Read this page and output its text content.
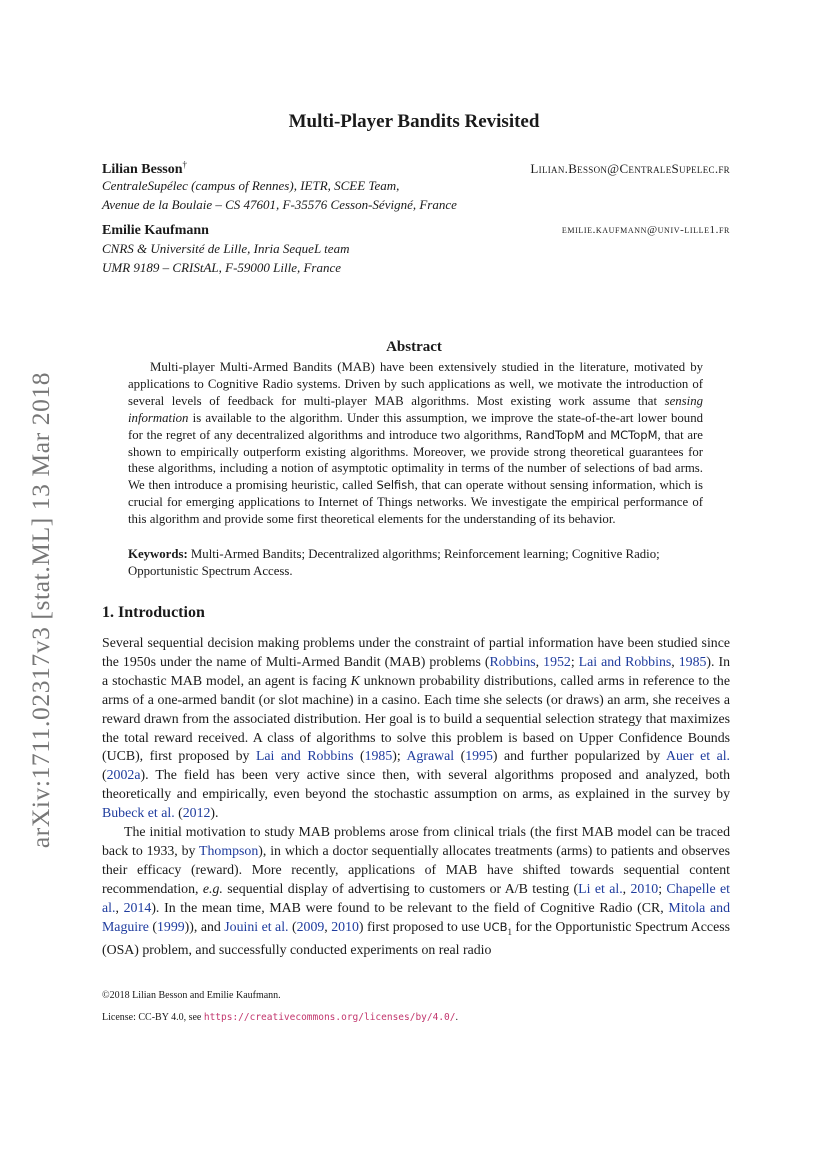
arXiv:1711.02317v3 [stat.ML] 13 Mar 2018
Multi-Player Bandits Revisited
Lilian Besson†	Lilian.Besson@CentraleSupelec.fr
CentraleSupélec (campus of Rennes), IETR, SCEE Team,
Avenue de la Boulaie – CS 47601, F-35576 Cesson-Sévigné, France
Emilie Kaufmann	emilie.kaufmann@univ-lille1.fr
CNRS & Université de Lille, Inria SequeL team
UMR 9189 – CRIStAL, F-59000 Lille, France
Abstract
Multi-player Multi-Armed Bandits (MAB) have been extensively studied in the literature, motivated by applications to Cognitive Radio systems. Driven by such applications as well, we motivate the introduction of several levels of feedback for multi-player MAB algorithms. Most existing work assume that sensing information is available to the algorithm. Under this assumption, we improve the state-of-the-art lower bound for the regret of any decentralized algorithms and introduce two algorithms, RandTopM and MCTopM, that are shown to empirically outperform existing algorithms. Moreover, we provide strong theoretical guarantees for these algorithms, including a notion of asymptotic optimality in terms of the number of selections of bad arms. We then introduce a promising heuristic, called Selfish, that can operate without sensing information, which is crucial for emerging applications to Internet of Things networks. We investigate the empirical performance of this algorithm and provide some first theoretical elements for the understanding of its behavior.
Keywords: Multi-Armed Bandits; Decentralized algorithms; Reinforcement learning; Cognitive Radio; Opportunistic Spectrum Access.
1. Introduction

Several sequential decision making problems under the constraint of partial information have been studied since the 1950s under the name of Multi-Armed Bandit (MAB) problems (Robbins, 1952; Lai and Robbins, 1985). In a stochastic MAB model, an agent is facing K unknown probability distributions, called arms in reference to the arms of a one-armed bandit (or slot machine) in a casino. Each time she selects (or draws) an arm, she receives a reward drawn from the associated distribution. Her goal is to build a sequential selection strategy that maximizes the total reward received. A class of algorithms to solve this problem is based on Upper Confidence Bounds (UCB), first proposed by Lai and Robbins (1985); Agrawal (1995) and further popularized by Auer et al. (2002a). The field has been very active since then, with several algorithms proposed and analyzed, both theoretically and empirically, even beyond the stochastic assumption on arms, as explained in the survey by Bubeck et al. (2012).

The initial motivation to study MAB problems arose from clinical trials (the first MAB model can be traced back to 1933, by Thompson), in which a doctor sequentially allocates treatments (arms) to patients and observes their efficacy (reward). More recently, applications of MAB have shifted towards sequential content recommendation, e.g. sequential display of advertising to customers or A/B testing (Li et al., 2010; Chapelle et al., 2014). In the mean time, MAB were found to be relevant to the field of Cognitive Radio (CR, Mitola and Maguire (1999)), and Jouini et al. (2009, 2010) first proposed to use $UCB_1$ for the Opportunistic Spectrum Access (OSA) problem, and successfully conducted experiments on real radio

©2018 Lilian Besson and Emilie Kaufmann.
License: CC-BY 4.0, see https://creativecommons.org/licenses/by/4.0/.
